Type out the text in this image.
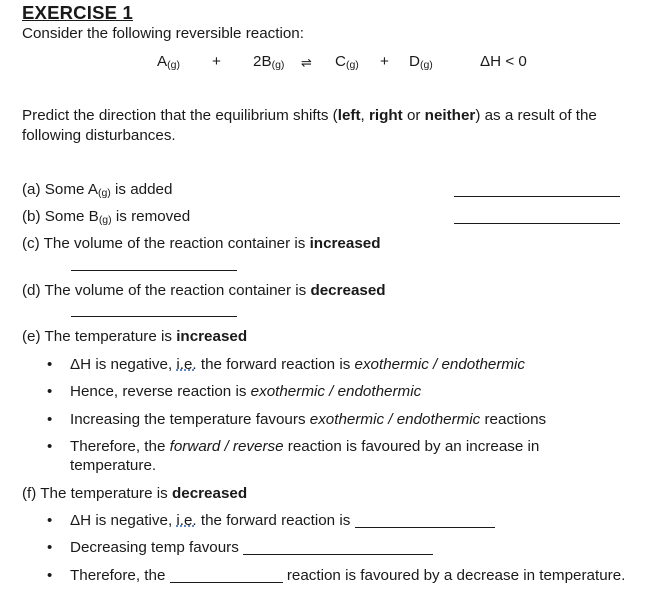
EXERCISE 1
Consider the following reversible reaction:
$A_{(g)} + 2B_{(g)}$ ⇌ $C_{(g)} + D_{(g)}$	ΔH < 0
Predict the direction that the equilibrium shifts (left, right or neither) as a result of the following disturbances.
(a) Some $A_{(g)}$ is added
(b) Some $B_{(g)}$ is removed
(c) The volume of the reaction container is increased
(d) The volume of the reaction container is decreased
(e) The temperature is increased
• ΔH is negative, i.e. the forward reaction is exothermic / endothermic
• Hence, reverse reaction is exothermic / endothermic
• Increasing the temperature favours exothermic / endothermic reactions
• Therefore, the forward / reverse reaction is favoured by an increase in temperature.
(f) The temperature is decreased
• ΔH is negative, i.e. the forward reaction is
• Decreasing temp favours
• Therefore, the	reaction is favoured by a decrease in temperature.
